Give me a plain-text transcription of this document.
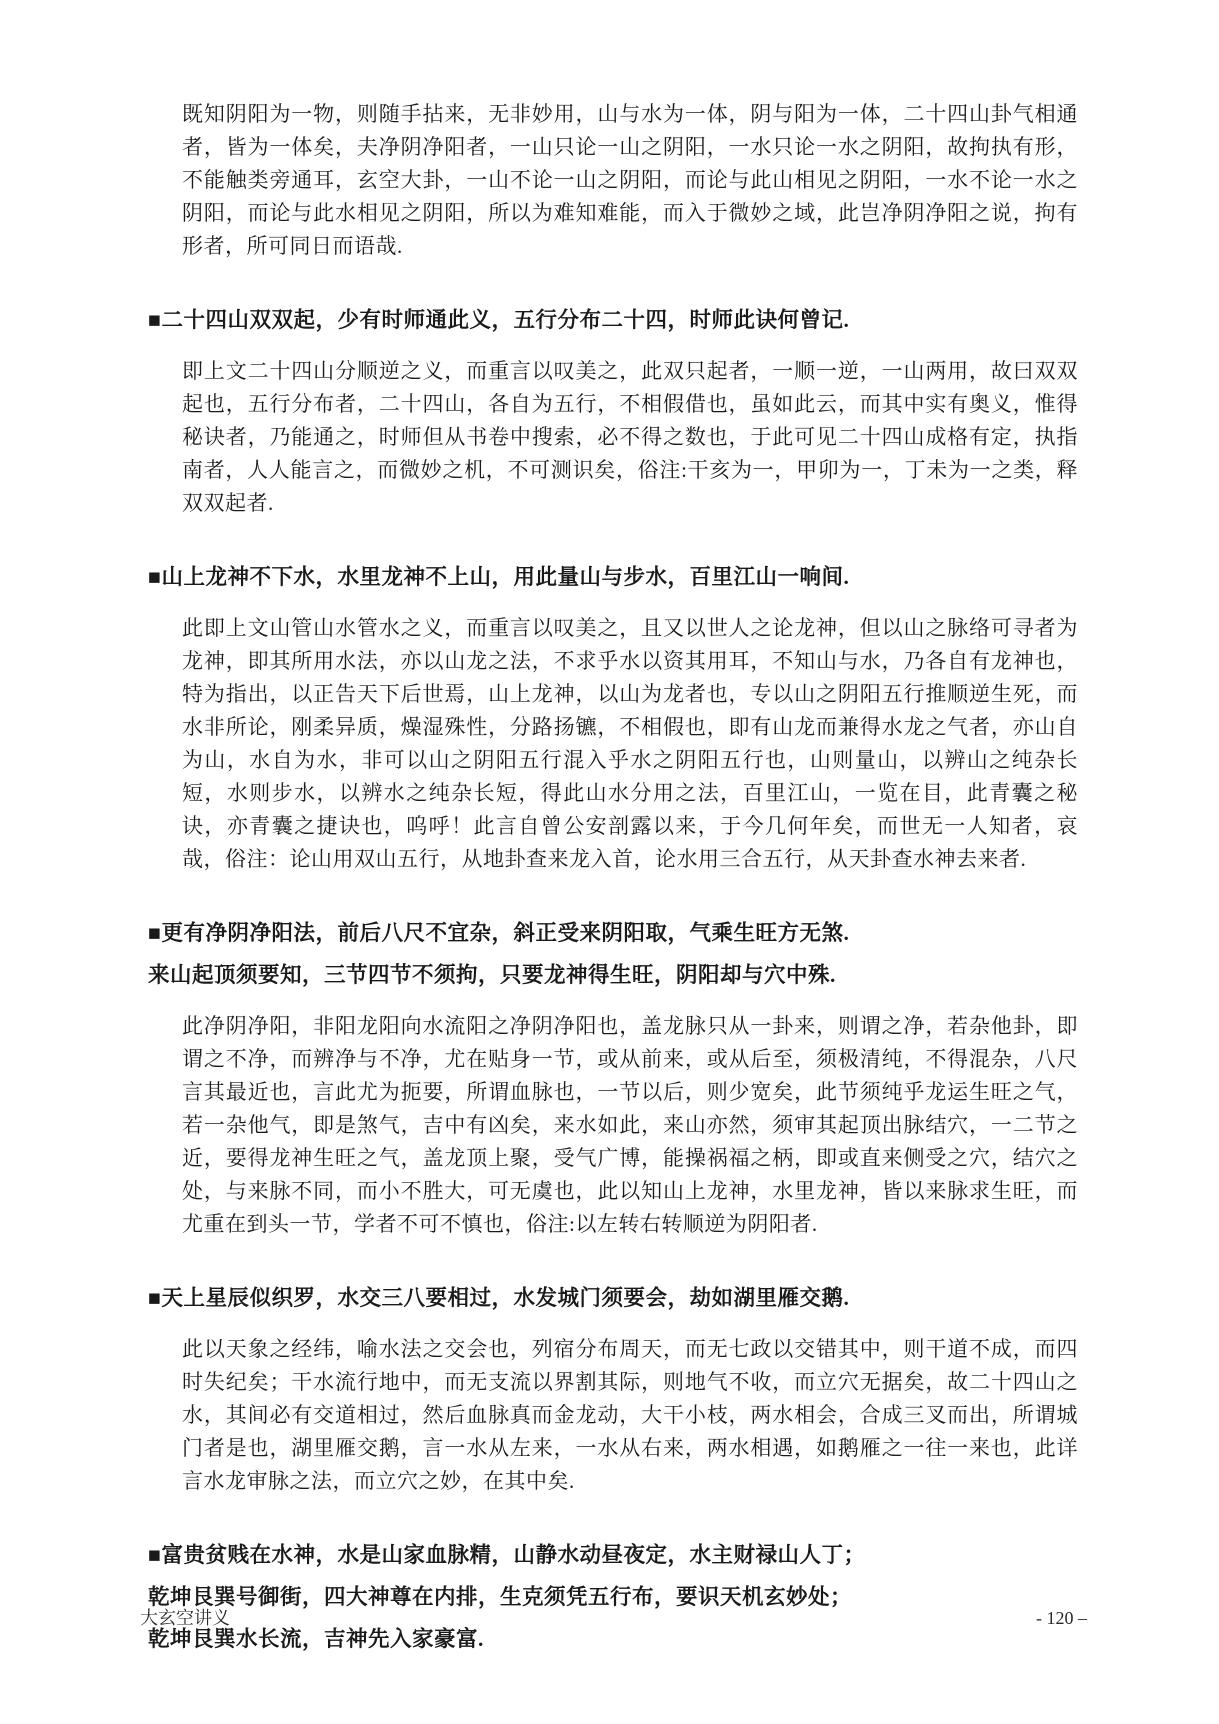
既知阴阳为一物，则随手拈来，无非妙用，山与水为一体，阴与阳为一体，二十四山卦气相通者，皆为一体矣，夫净阴净阳者，一山只论一山之阴阳，一水只论一水之阴阳，故拘执有形，不能触类旁通耳，玄空大卦，一山不论一山之阴阳，而论与此山相见之阴阳，一水不论一水之阴阳，而论与此水相见之阴阳，所以为难知难能，而入于微妙之域，此岂净阴净阳之说，拘有形者，所可同日而语哉.

■二十四山双双起，少有时师通此义，五行分布二十四，时师此诀何曾记.

即上文二十四山分顺逆之义，而重言以叹美之，此双只起者，一顺一逆，一山两用，故曰双双起也，五行分布者，二十四山，各自为五行，不相假借也，虽如此云，而其中实有奥义，惟得秘诀者，乃能通之，时师但从书卷中搜索，必不得之数也，于此可见二十四山成格有定，执指南者，人人能言之，而微妙之机，不可测识矣，俗注:干亥为一，甲卯为一，丁未为一之类，释双双起者.

■山上龙神不下水，水里龙神不上山，用此量山与步水，百里江山一响间.

此即上文山管山水管水之义，而重言以叹美之，且又以世人之论龙神，但以山之脉络可寻者为龙神，即其所用水法，亦以山龙之法，不求乎水以资其用耳，不知山与水，乃各自有龙神也，特为指出，以正告天下后世焉，山上龙神，以山为龙者也，专以山之阴阳五行推顺逆生死，而水非所论，刚柔异质，燥湿殊性，分路扬镳，不相假也，即有山龙而兼得水龙之气者，亦山自为山，水自为水，非可以山之阴阳五行混入乎水之阴阳五行也，山则量山，以辨山之纯杂长短，水则步水，以辨水之纯杂长短，得此山水分用之法，百里江山，一览在目，此青囊之秘诀，亦青囊之捷诀也，呜呼！此言自曾公安剖露以来，于今几何年矣，而世无一人知者，哀哉，俗注：论山用双山五行，从地卦查来龙入首，论水用三合五行，从天卦查水神去来者.

■更有净阴净阳法，前后八尺不宜杂，斜正受来阴阳取，气乘生旺方无煞.
来山起顶须要知，三节四节不须拘，只要龙神得生旺，阴阳却与穴中殊.

此净阴净阳，非阳龙阳向水流阳之净阴净阳也，盖龙脉只从一卦来，则谓之净，若杂他卦，即谓之不净，而辨净与不净，尤在贴身一节，或从前来，或从后至，须极清纯，不得混杂，八尺言其最近也，言此尤为扼要，所谓血脉也，一节以后，则少宽矣，此节须纯乎龙运生旺之气，若一杂他气，即是煞气，吉中有凶矣，来水如此，来山亦然，须审其起顶出脉结穴，一二节之近，要得龙神生旺之气，盖龙顶上聚，受气广博，能操祸福之柄，即或直来侧受之穴，结穴之处，与来脉不同，而小不胜大，可无虞也，此以知山上龙神，水里龙神，皆以来脉求生旺，而尤重在到头一节，学者不可不慎也，俗注:以左转右转顺逆为阴阳者.

■天上星辰似织罗，水交三八要相过，水发城门须要会，劫如湖里雁交鹅.

此以天象之经纬，喻水法之交会也，列宿分布周天，而无七政以交错其中，则干道不成，而四时失纪矣；干水流行地中，而无支流以界割其际，则地气不收，而立穴无据矣，故二十四山之水，其间必有交道相过，然后血脉真而金龙动，大干小枝，两水相会，合成三叉而出，所谓城门者是也，湖里雁交鹅，言一水从左来，一水从右来，两水相遇，如鹅雁之一往一来也，此详言水龙审脉之法，而立穴之妙，在其中矣.

■富贵贫贱在水神，水是山家血脉精，山静水动昼夜定，水主财禄山人丁；
乾坤艮巽号御街，四大神尊在内排，生克须凭五行布，要识天机玄妙处；
乾坤艮巽水长流，吉神先入家豪富.
大玄空讲义	- 120 –
